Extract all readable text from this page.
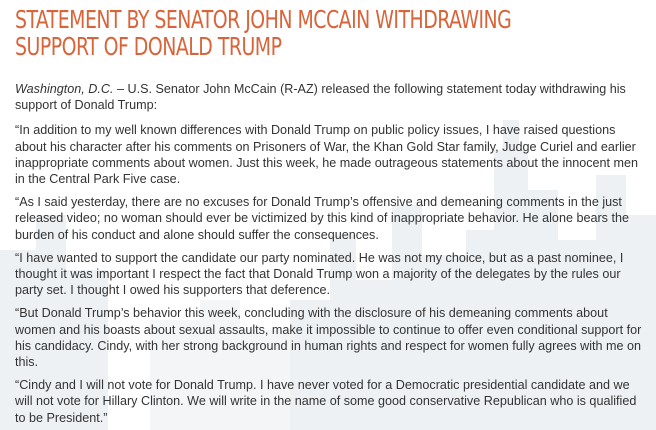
STATEMENT BY SENATOR JOHN MCCAIN WITHDRAWING
SUPPORT OF DONALD TRUMP

Washington, D.C. – U.S. Senator John McCain (R-AZ) released the following statement today withdrawing his support of Donald Trump:

“In addition to my well known differences with Donald Trump on public policy issues, I have raised questions about his character after his comments on Prisoners of War, the Khan Gold Star family, Judge Curiel and earlier inappropriate comments about women. Just this week, he made outrageous statements about the innocent men in the Central Park Five case.

“As I said yesterday, there are no excuses for Donald Trump’s offensive and demeaning comments in the just released video; no woman should ever be victimized by this kind of inappropriate behavior. He alone bears the burden of his conduct and alone should suffer the consequences.

“I have wanted to support the candidate our party nominated. He was not my choice, but as a past nominee, I thought it was important I respect the fact that Donald Trump won a majority of the delegates by the rules our party set. I thought I owed his supporters that deference.

“But Donald Trump’s behavior this week, concluding with the disclosure of his demeaning comments about women and his boasts about sexual assaults, make it impossible to continue to offer even conditional support for his candidacy. Cindy, with her strong background in human rights and respect for women fully agrees with me on this.

“Cindy and I will not vote for Donald Trump. I have never voted for a Democratic presidential candidate and we will not vote for Hillary Clinton. We will write in the name of some good conservative Republican who is qualified to be President.”
